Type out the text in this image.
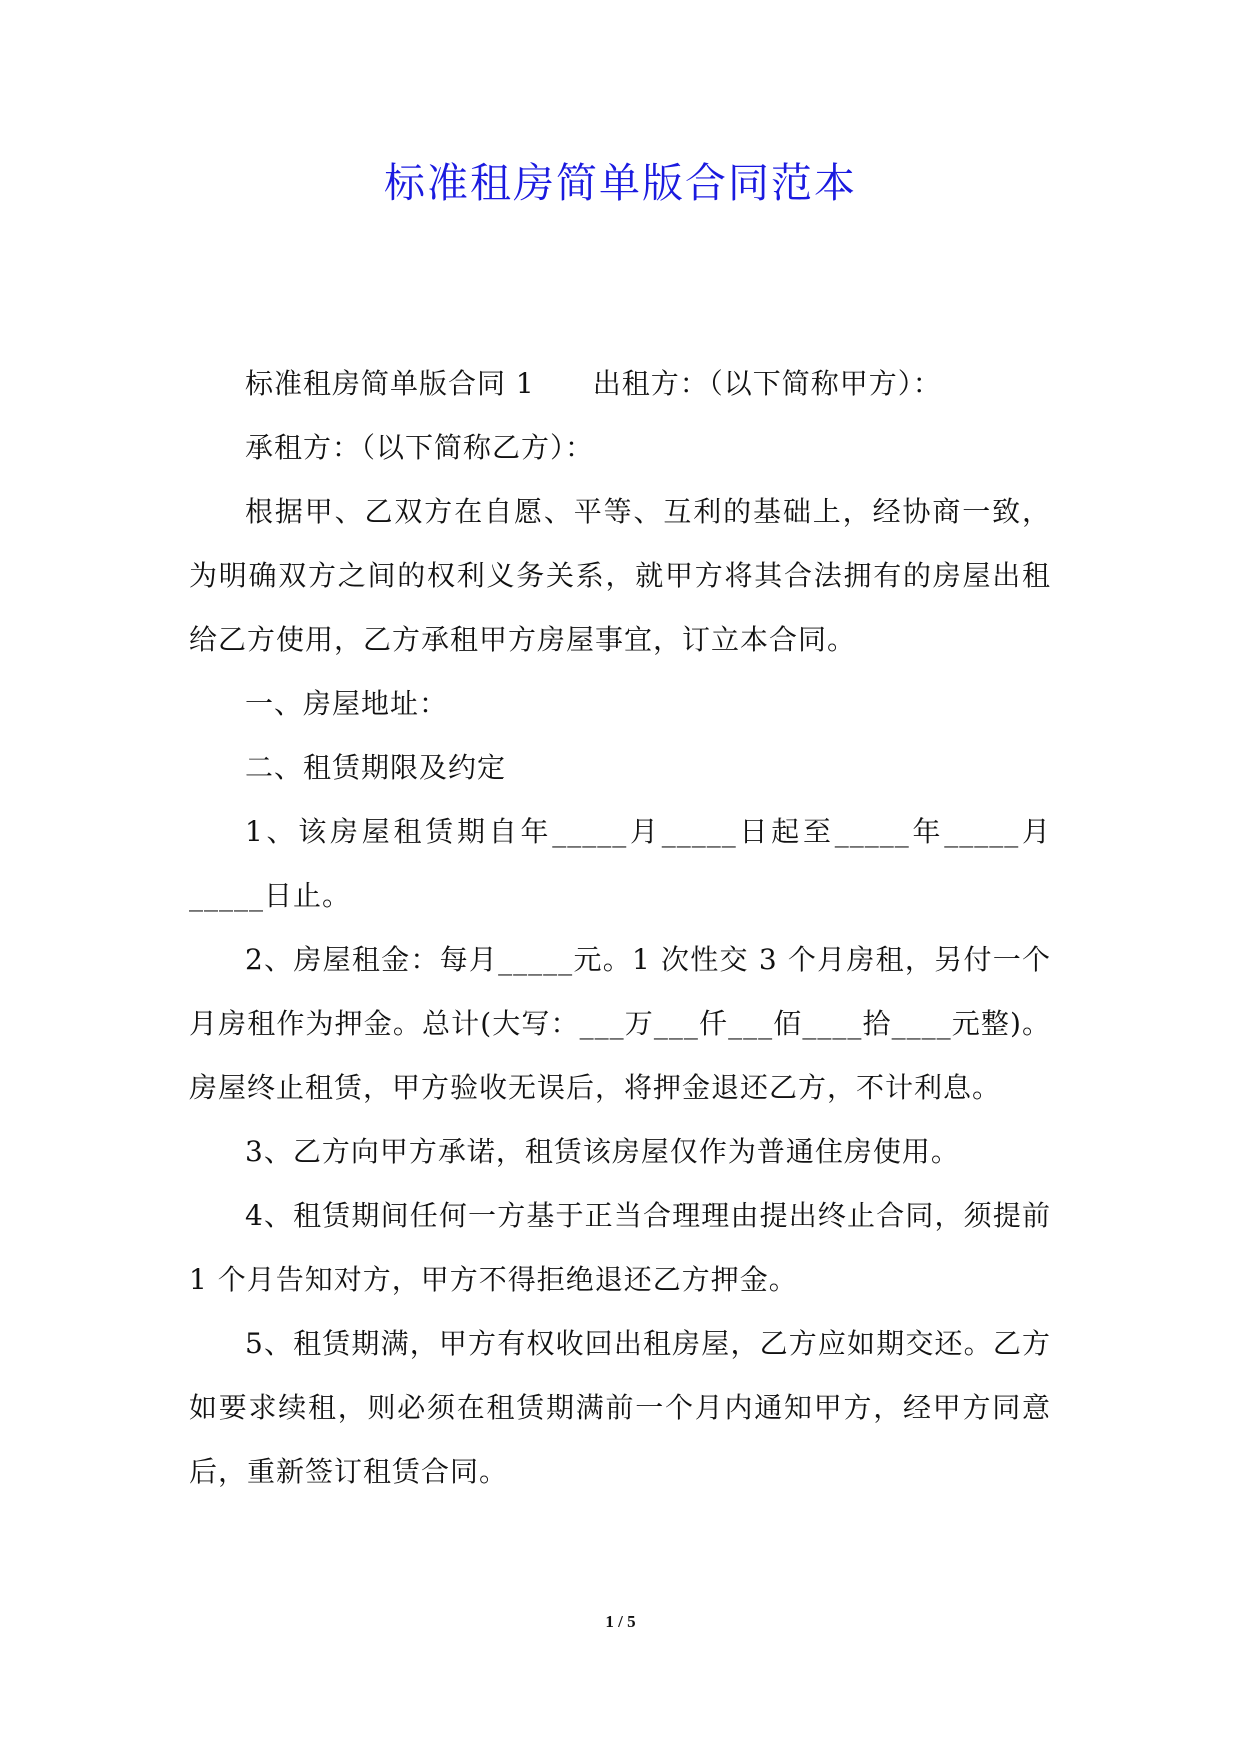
标准租房简单版合同范本

标准租房简单版合同 1 出租方：（以下简称甲方）：

承租方：（以下简称乙方）：

根据甲、乙双方在自愿、平等、互利的基础上，经协商一致，为明确双方之间的权利义务关系，就甲方将其合法拥有的房屋出租给乙方使用，乙方承租甲方房屋事宜，订立本合同。

一、房屋地址：

二、租赁期限及约定

1、该房屋租赁期自年_____月_____日起至_____年_____月_____日止。

2、房屋租金：每月_____元。1 次性交 3 个月房租，另付一个月房租作为押金。总计(大写：___万___仟___佰____拾____元整)。房屋终止租赁，甲方验收无误后，将押金退还乙方，不计利息。

3、乙方向甲方承诺，租赁该房屋仅作为普通住房使用。

4、租赁期间任何一方基于正当合理理由提出终止合同，须提前 1 个月告知对方，甲方不得拒绝退还乙方押金。

5、租赁期满，甲方有权收回出租房屋，乙方应如期交还。乙方如要求续租，则必须在租赁期满前一个月内通知甲方，经甲方同意后，重新签订租赁合同。

1 / 5
